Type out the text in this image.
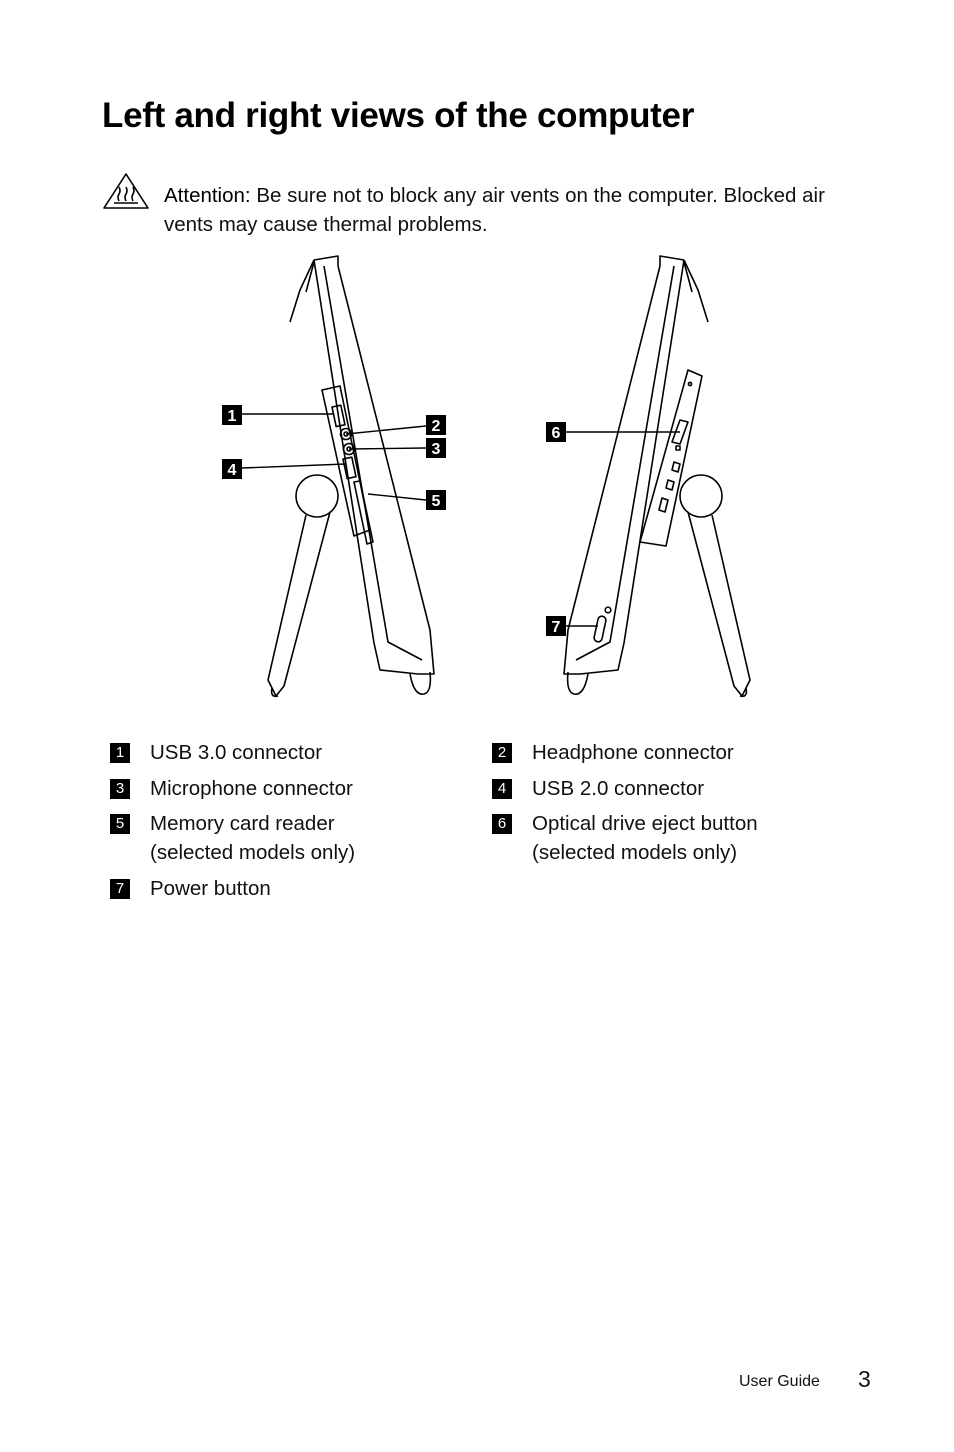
Left and right views of the computer
Attention: Be sure not to block any air vents on the computer. Blocked air vents may cause thermal problems.
1
2
3
4
5
6
7
1 USB 3.0 connector	2 Headphone connector
3 Microphone connector	4 USB 2.0 connector
5 Memory card reader
(selected models only)
6 Optical drive eject button
(selected models only)
7 Power button
User Guide 3
